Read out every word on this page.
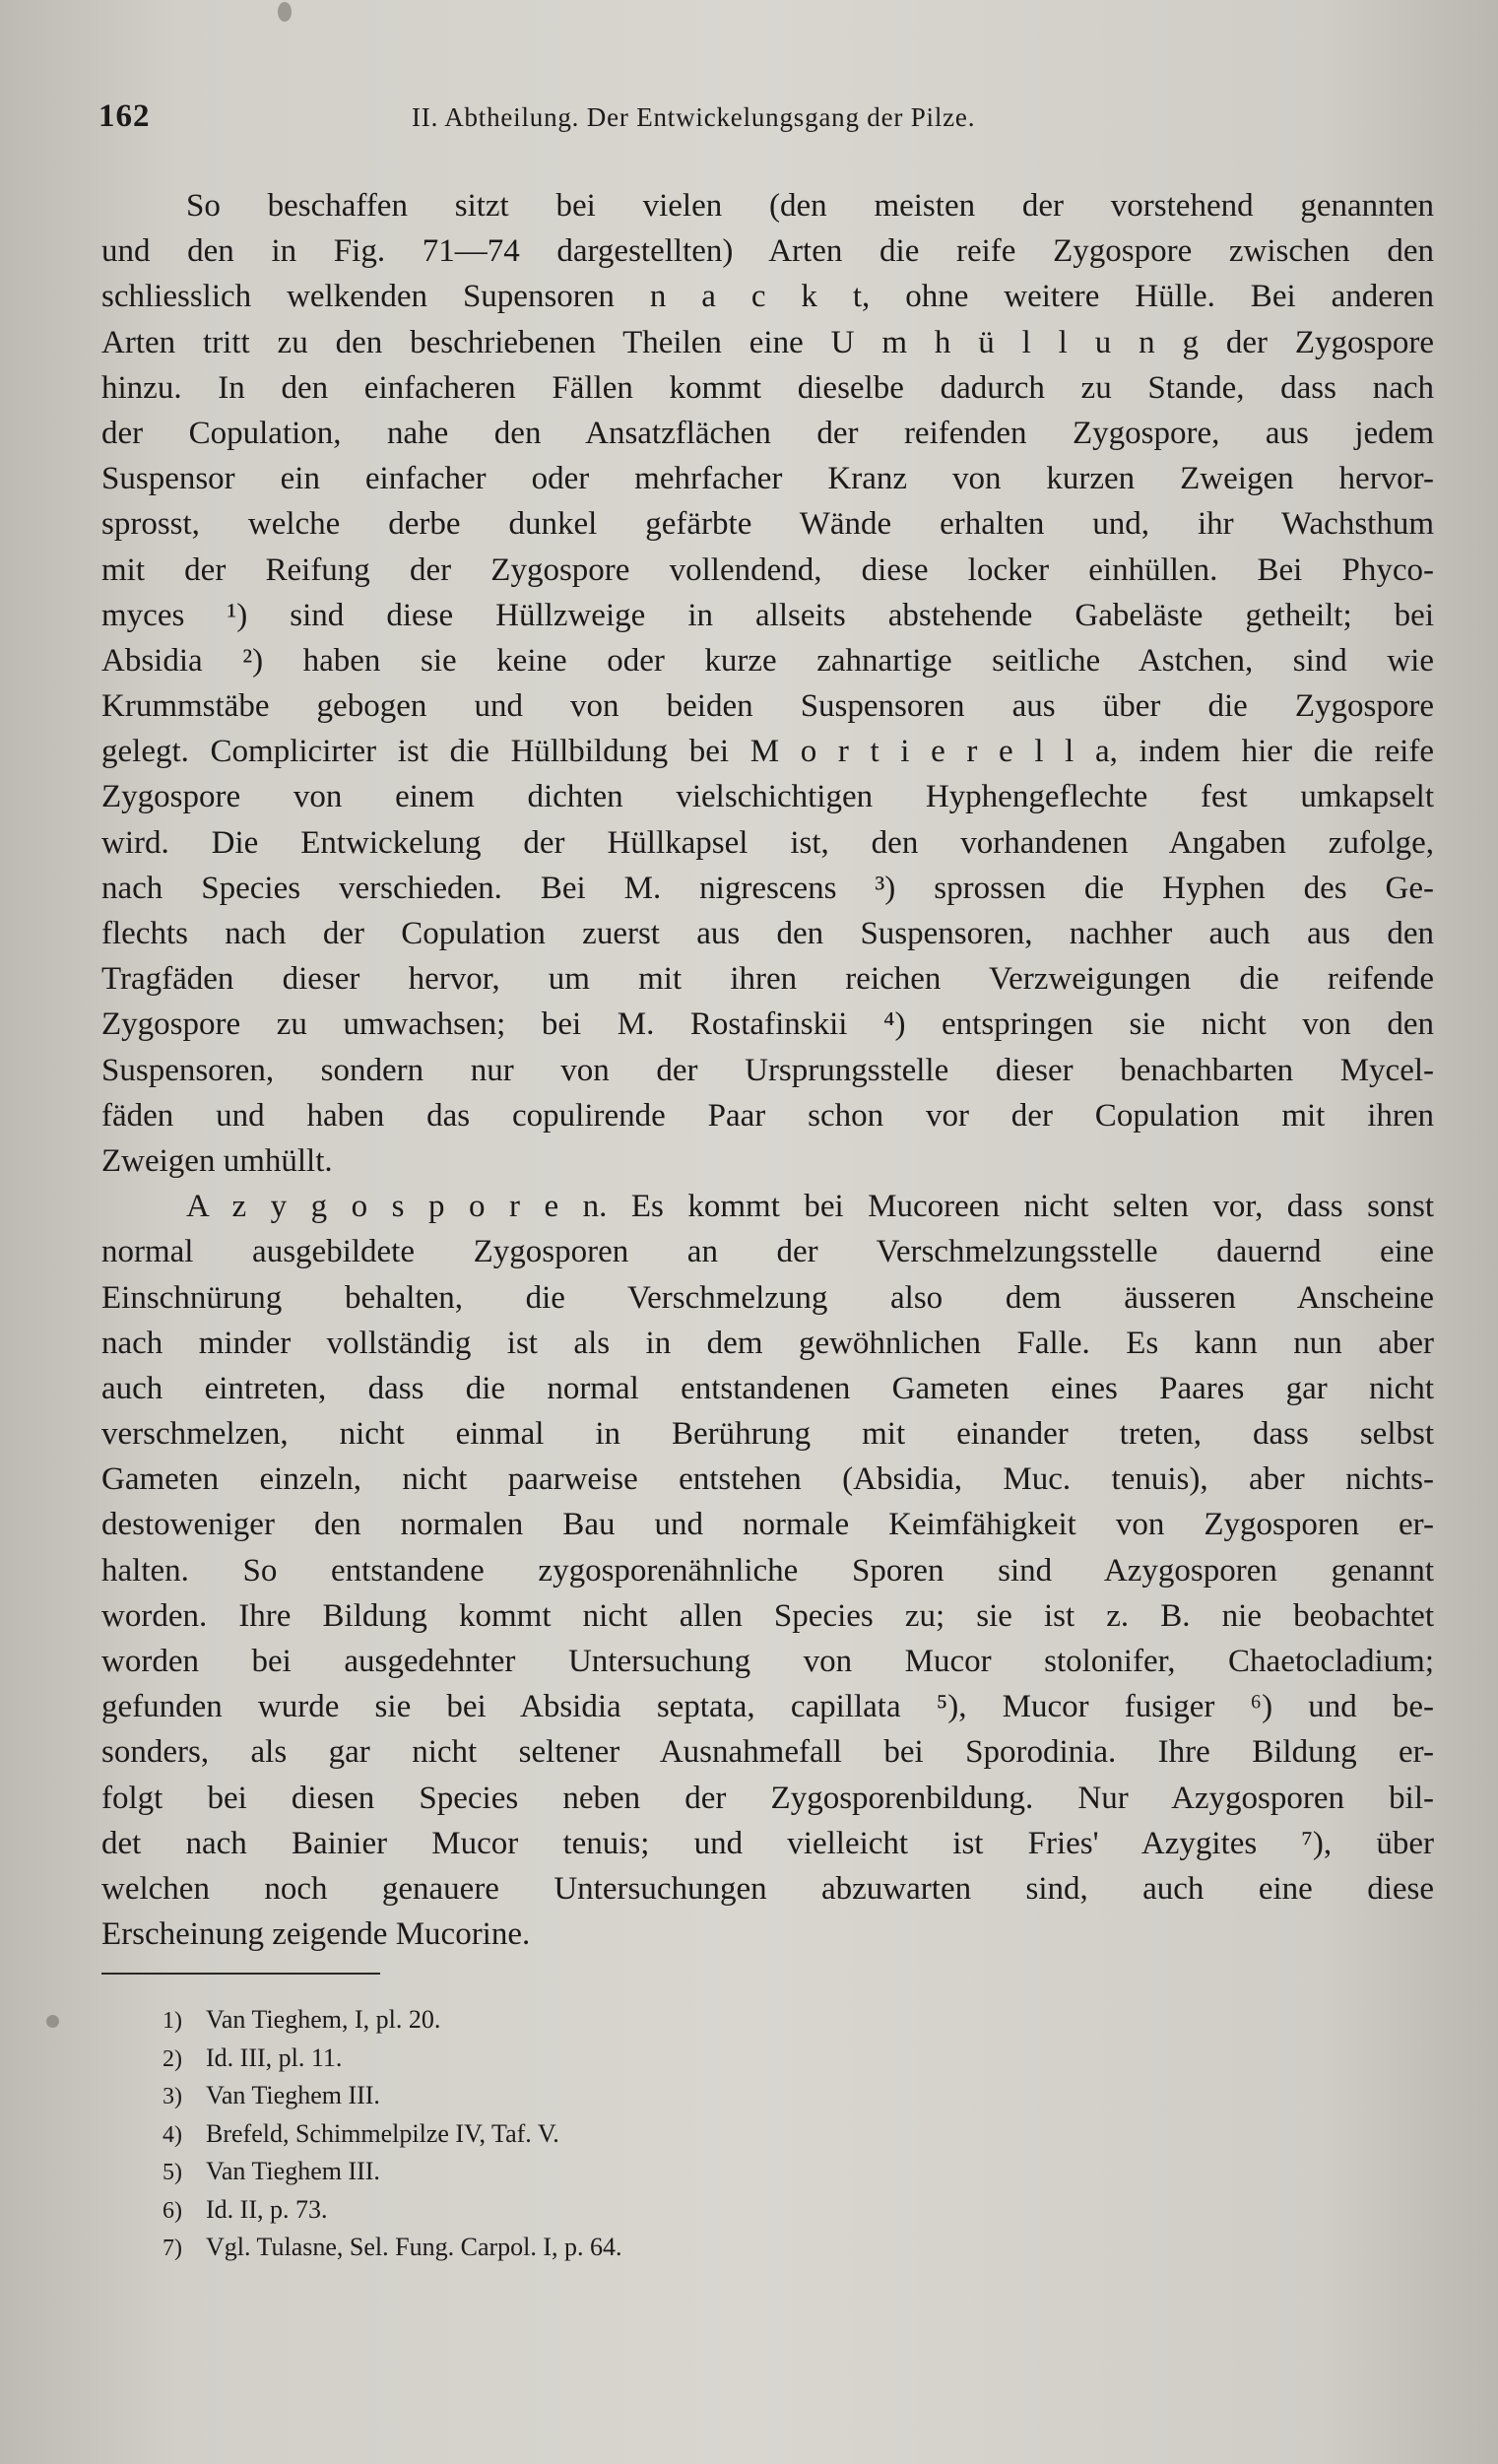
162	II. Abtheilung. Der Entwickelungsgang der Pilze.
So beschaffen sitzt bei vielen (den meisten der vorstehend genannten
und den in Fig. 71—74 dargestellten) Arten die reife Zygospore zwischen den
schliesslich welkenden Supensoren n a c k t, ohne weitere Hülle. Bei anderen
Arten tritt zu den beschriebenen Theilen eine U m h ü l l u n g der Zygospore
hinzu. In den einfacheren Fällen kommt dieselbe dadurch zu Stande, dass nach
der Copulation, nahe den Ansatzflächen der reifenden Zygospore, aus jedem
Suspensor ein einfacher oder mehrfacher Kranz von kurzen Zweigen hervor-
sprosst, welche derbe dunkel gefärbte Wände erhalten und, ihr Wachsthum
mit der Reifung der Zygospore vollendend, diese locker einhüllen. Bei Phyco-
myces ¹) sind diese Hüllzweige in allseits abstehende Gabeläste getheilt; bei
Absidia ²) haben sie keine oder kurze zahnartige seitliche Astchen, sind wie
Krummstäbe gebogen und von beiden Suspensoren aus über die Zygospore
gelegt. Complicirter ist die Hüllbildung bei M o r t i e r e l l a, indem hier die reife
Zygospore von einem dichten vielschichtigen Hyphengeflechte fest umkapselt
wird. Die Entwickelung der Hüllkapsel ist, den vorhandenen Angaben zufolge,
nach Species verschieden. Bei M. nigrescens ³) sprossen die Hyphen des Ge-
flechts nach der Copulation zuerst aus den Suspensoren, nachher auch aus den
Tragfäden dieser hervor, um mit ihren reichen Verzweigungen die reifende
Zygospore zu umwachsen; bei M. Rostafinskii ⁴) entspringen sie nicht von den
Suspensoren, sondern nur von der Ursprungsstelle dieser benachbarten Mycel-
fäden und haben das copulirende Paar schon vor der Copulation mit ihren
Zweigen umhüllt.
A z y g o s p o r e n. Es kommt bei Mucoreen nicht selten vor, dass sonst
normal ausgebildete Zygosporen an der Verschmelzungsstelle dauernd eine
Einschnürung behalten, die Verschmelzung also dem äusseren Anscheine
nach minder vollständig ist als in dem gewöhnlichen Falle. Es kann nun aber
auch eintreten, dass die normal entstandenen Gameten eines Paares gar nicht
verschmelzen, nicht einmal in Berührung mit einander treten, dass selbst
Gameten einzeln, nicht paarweise entstehen (Absidia, Muc. tenuis), aber nichts-
destoweniger den normalen Bau und normale Keimfähigkeit von Zygosporen er-
halten. So entstandene zygosporenähnliche Sporen sind Azygosporen genannt
worden. Ihre Bildung kommt nicht allen Species zu; sie ist z. B. nie beobachtet
worden bei ausgedehnter Untersuchung von Mucor stolonifer, Chaetocladium;
gefunden wurde sie bei Absidia septata, capillata ⁵), Mucor fusiger ⁶) und be-
sonders, als gar nicht seltener Ausnahmefall bei Sporodinia. Ihre Bildung er-
folgt bei diesen Species neben der Zygosporenbildung. Nur Azygosporen bil-
det nach Bainier Mucor tenuis; und vielleicht ist Fries' Azygites ⁷), über
welchen noch genauere Untersuchungen abzuwarten sind, auch eine diese
Erscheinung zeigende Mucorine.
1) Van Tieghem, I, pl. 20.
2) Id. III, pl. 11.
3) Van Tieghem III.
4) Brefeld, Schimmelpilze IV, Taf. V.
5) Van Tieghem III.
6) Id. II, p. 73.
7) Vgl. Tulasne, Sel. Fung. Carpol. I, p. 64.
